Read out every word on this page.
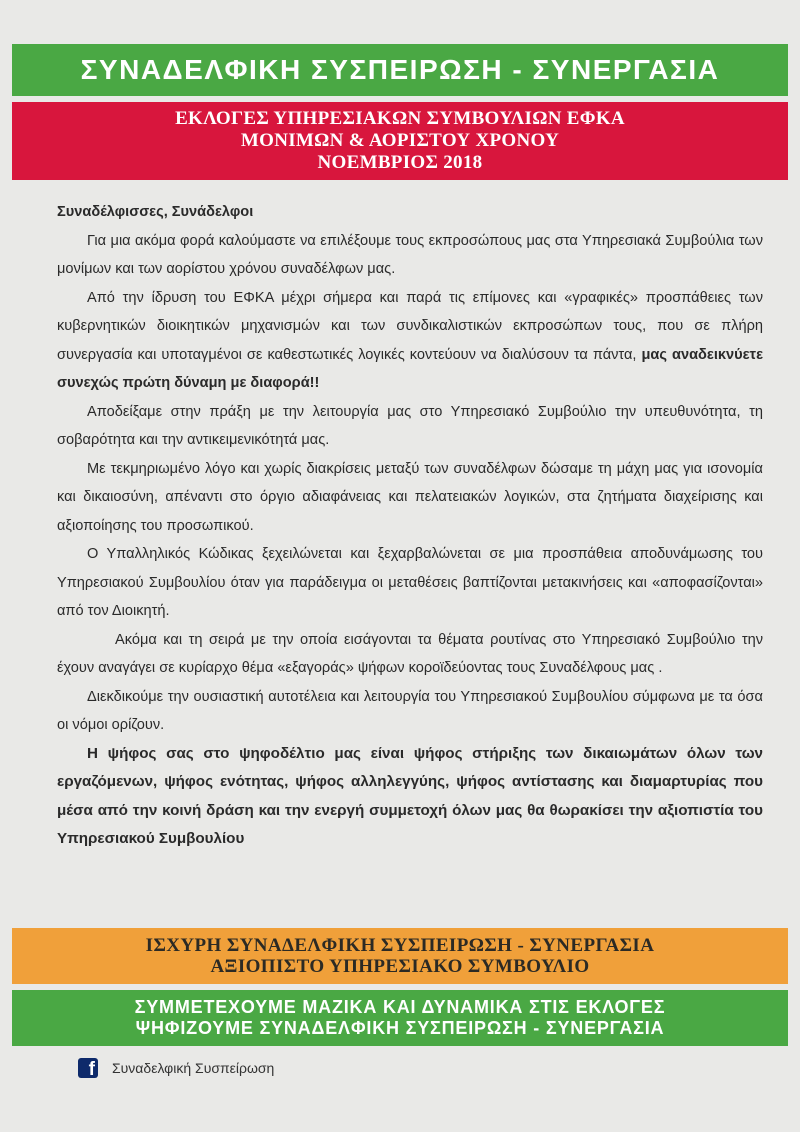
ΣΥΝΑΔΕΛΦΙΚΗ ΣΥΣΠΕΙΡΩΣΗ - ΣΥΝΕΡΓΑΣΙΑ
ΕΚΛΟΓΕΣ ΥΠΗΡΕΣΙΑΚΩΝ ΣΥΜΒΟΥΛΙΩΝ ΕΦΚΑ
ΜΟΝΙΜΩΝ & ΑΟΡΙΣΤΟΥ ΧΡΟΝΟΥ
ΝΟΕΜΒΡΙΟΣ 2018

Συναδέλφισσες, Συνάδελφοι

Για μια ακόμα φορά καλούμαστε να επιλέξουμε τους εκπροσώπους μας στα Υπηρεσιακά Συμβούλια των μονίμων και των αορίστου χρόνου συναδέλφων μας.

Από την ίδρυση του ΕΦΚΑ μέχρι σήμερα και παρά τις επίμονες και «γραφικές» προσπάθειες των κυβερνητικών διοικητικών μηχανισμών και των συνδικαλιστικών εκπροσώπων τους, που σε πλήρη συνεργασία και υποταγμένοι σε καθεστωτικές λογικές κοντεύουν να διαλύσουν τα πάντα, μας αναδεικνύετε συνεχώς πρώτη δύναμη με διαφορά!!

Αποδείξαμε στην πράξη με την λειτουργία μας στο Υπηρεσιακό Συμβούλιο την υπευθυνότητα, τη σοβαρότητα και την αντικειμενικότητά μας.

Με τεκμηριωμένο λόγο και χωρίς διακρίσεις μεταξύ των συναδέλφων δώσαμε τη μάχη μας για ισονομία και δικαιοσύνη, απέναντι στο όργιο αδιαφάνειας και πελατειακών λογικών, στα ζητήματα διαχείρισης και αξιοποίησης του προσωπικού.

Ο Υπαλληλικός Κώδικας ξεχειλώνεται και ξεχαρβαλώνεται σε μια προσπάθεια αποδυνάμωσης του Υπηρεσιακού Συμβουλίου όταν για παράδειγμα οι μεταθέσεις βαπτίζονται μετακινήσεις και «αποφασίζονται» από τον Διοικητή.

Ακόμα και τη σειρά με την οποία εισάγονται τα θέματα ρουτίνας στο Υπηρεσιακό Συμβούλιο την έχουν αναγάγει σε κυρίαρχο θέμα «εξαγοράς» ψήφων κοροϊδεύοντας τους Συναδέλφους μας .

Διεκδικούμε την ουσιαστική αυτοτέλεια και λειτουργία του Υπηρεσιακού Συμβουλίου σύμφωνα με τα όσα οι νόμοι ορίζουν.

Η ψήφος σας στο ψηφοδέλτιο μας είναι ψήφος στήριξης των δικαιωμάτων όλων των εργαζόμενων, ψήφος ενότητας, ψήφος αλληλεγγύης, ψήφος αντίστασης και διαμαρτυρίας που μέσα από την κοινή δράση και την ενεργή συμμετοχή όλων μας θα θωρακίσει την αξιοπιστία του Υπηρεσιακού Συμβουλίου

ΙΣΧΥΡΗ ΣΥΝΑΔΕΛΦΙΚΗ ΣΥΣΠΕΙΡΩΣΗ - ΣΥΝΕΡΓΑΣΙΑ
ΑΞΙΟΠΙΣΤΟ ΥΠΗΡΕΣΙΑΚΟ ΣΥΜΒΟΥΛΙΟ
ΣΥΜΜΕΤΕΧΟΥΜΕ ΜΑΖΙΚΑ ΚΑΙ ΔΥΝΑΜΙΚΑ ΣΤΙΣ ΕΚΛΟΓΕΣ
ΨΗΦΙΖΟΥΜΕ ΣΥΝΑΔΕΛΦΙΚΗ ΣΥΣΠΕΙΡΩΣΗ - ΣΥΝΕΡΓΑΣΙΑ
f Συναδελφική Συσπείρωση
